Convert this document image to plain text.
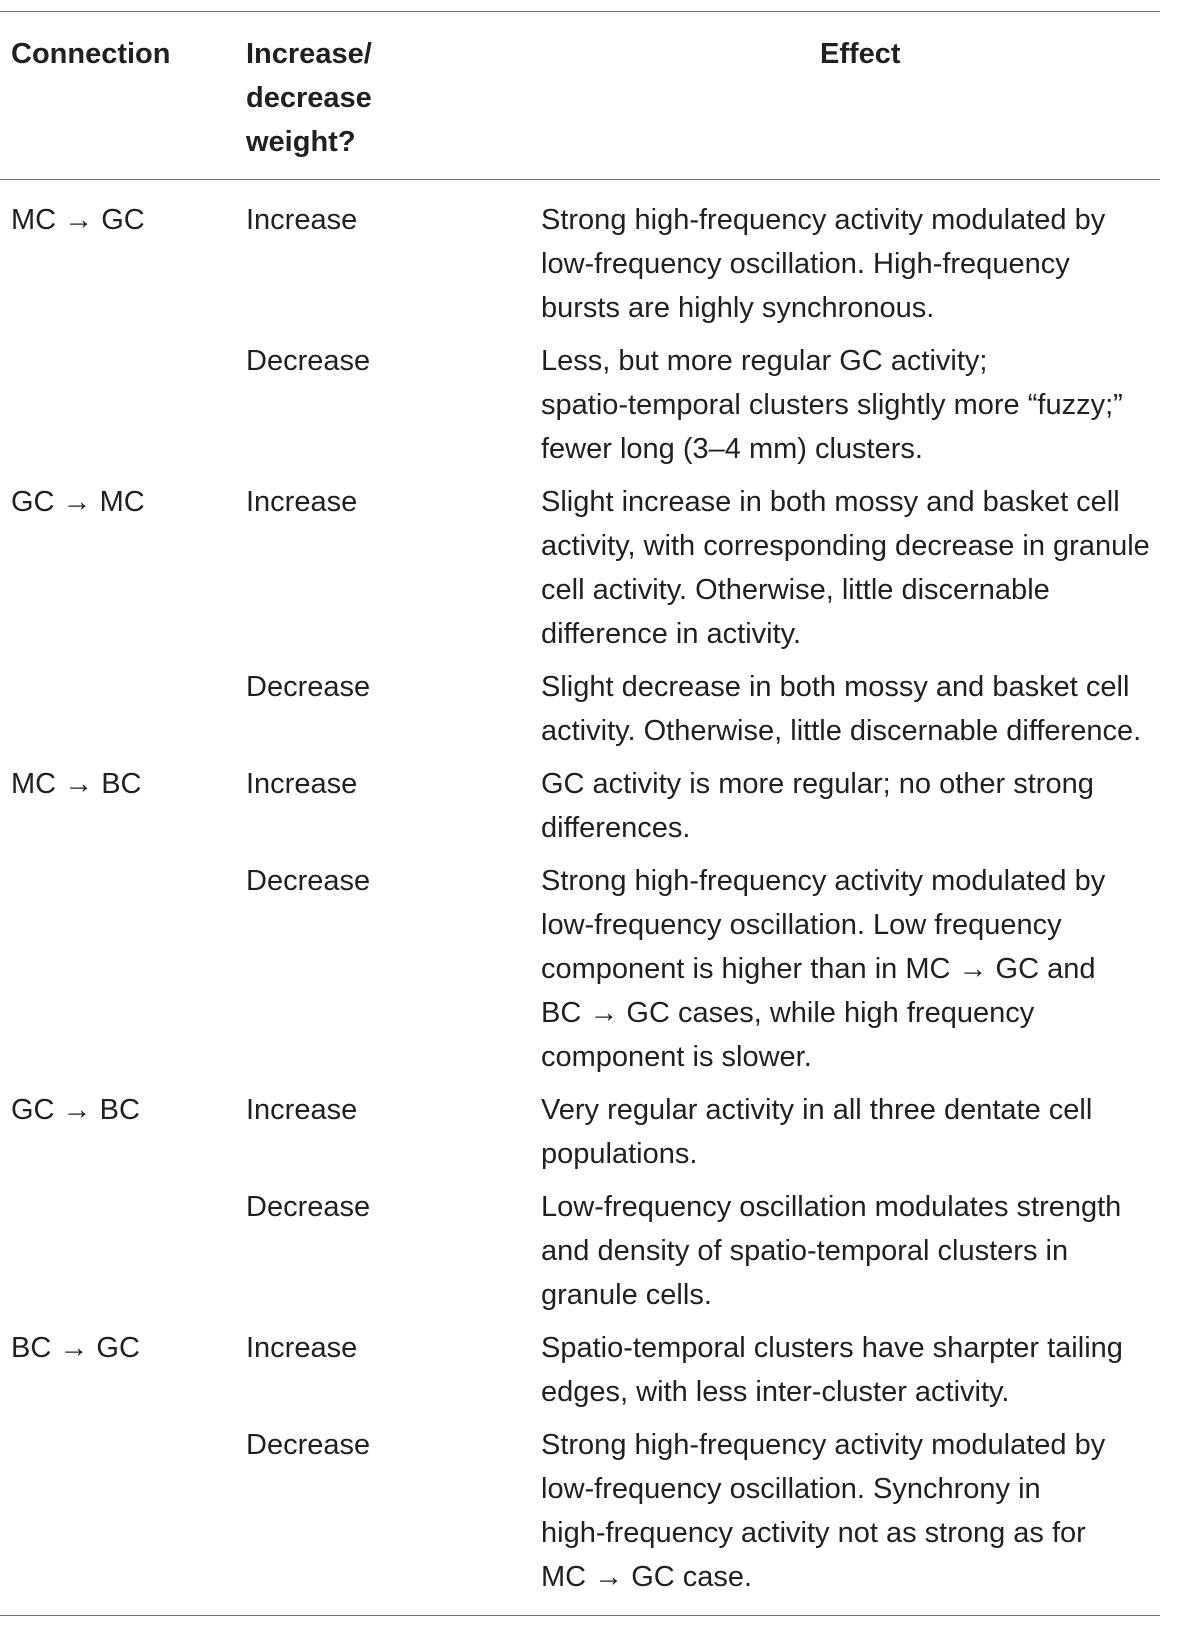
Connection	Increase/
decrease
weight?
Effect
MC → GC	Increase	Strong high-frequency activity modulated by
low-frequency oscillation. High-frequency
bursts are highly synchronous.
Decrease	Less, but more regular GC activity;
spatio-temporal clusters slightly more “fuzzy;”
fewer long (3–4 mm) clusters.
GC → MC	Increase	Slight increase in both mossy and basket cell
activity, with corresponding decrease in granule
cell activity. Otherwise, little discernable
difference in activity.
Decrease	Slight decrease in both mossy and basket cell
activity. Otherwise, little discernable difference.
MC → BC	Increase	GC activity is more regular; no other strong
differences.
Decrease	Strong high-frequency activity modulated by
low-frequency oscillation. Low frequency
component is higher than in MC → GC and
BC → GC cases, while high frequency
component is slower.
GC → BC	Increase	Very regular activity in all three dentate cell
populations.
Decrease	Low-frequency oscillation modulates strength
and density of spatio-temporal clusters in
granule cells.
BC → GC	Increase	Spatio-temporal clusters have sharpter tailing
edges, with less inter-cluster activity.
Decrease	Strong high-frequency activity modulated by
low-frequency oscillation. Synchrony in
high-frequency activity not as strong as for
MC → GC case.
